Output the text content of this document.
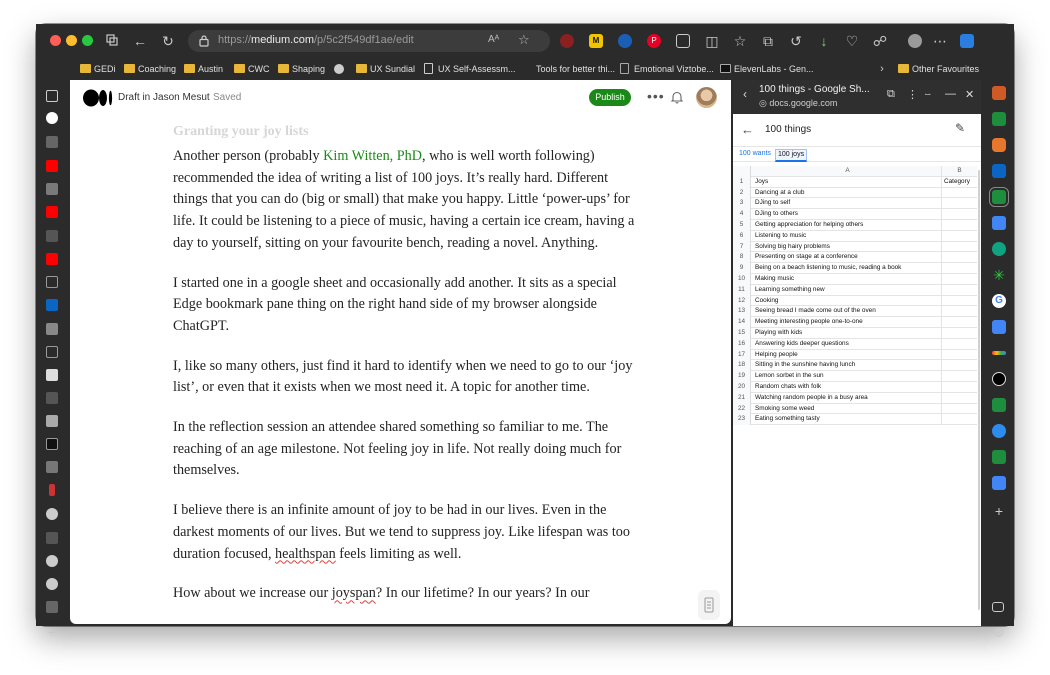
← ↻	https://medium.com/p/5c2f549df1ae/edit	Aᴬ ☆	M	P	◫ ☆ ⧉ ↺	↓	♡ ☍	⋯
GEDi	Coaching	Austin	CWC	Shaping	UX Sundial	UX Self-Assessm...	Tools for better thi...	Emotional Viztobe...	ElevenLabs - Gen...	›	Other Favourites
+
Draft in Jason Mesut Saved	Publish	•••
Granting your joy lists

Another person (probably Kim Witten, PhD, who is well worth following) recommended the idea of writing a list of 100 joys. It’s really hard. Different things that you can do (big or small) that make you happy. Little ‘power-ups’ for life. It could be listening to a piece of music, having a certain ice cream, having a day to yourself, sitting on your favourite bench, reading a novel. Anything.

I started one in a google sheet and occasionally add another. It sits as a special Edge bookmark pane thing on the right hand side of my browser alongside ChatGPT.

I, like so many others, just find it hard to identify when we need to go to our ‘joy list’, or even that it exists when we most need it. A topic for another time.

In the reflection session an attendee shared something so familiar to me. The reaching of an age milestone. Not feeling joy in life. Not really doing much for themselves.

I believe there is an infinite amount of joy to be had in our lives. Even in the darkest moments of our lives. But we tend to suppress joy. Like lifespan was too duration focused, healthspan feels limiting as well.

How about we increase our joyspan? In our lifetime? In our years? In our

‹ 100 things - Google Sh...
◎ docs.google.com
⧉ ⋮ ⧿ — ✕
← 100 things	✎
100 wants	100 joys
A	B
1	Joys	Category
2	Dancing at a club
3	DJing to self
4	DJing to others
5	Getting appreciation for helping others
6	Listening to music
7	Solving big hairy problems
8	Presenting on stage at a conference
9	Being on a beach listening to music, reading a book
10	Making music
11	Learning something new
12	Cooking
13	Seeing bread I made come out of the oven
14	Meeting interesting people one-to-one
15	Playing with kids
16	Answering kids deeper questions
17	Helping people
18	Sitting in the sunshine having lunch
19	Lemon sorbet in the sun
20	Random chats with folk
21	Watching random people in a busy area
22	Smoking some weed
23	Eating something tasty
✳
G
+
⚙
